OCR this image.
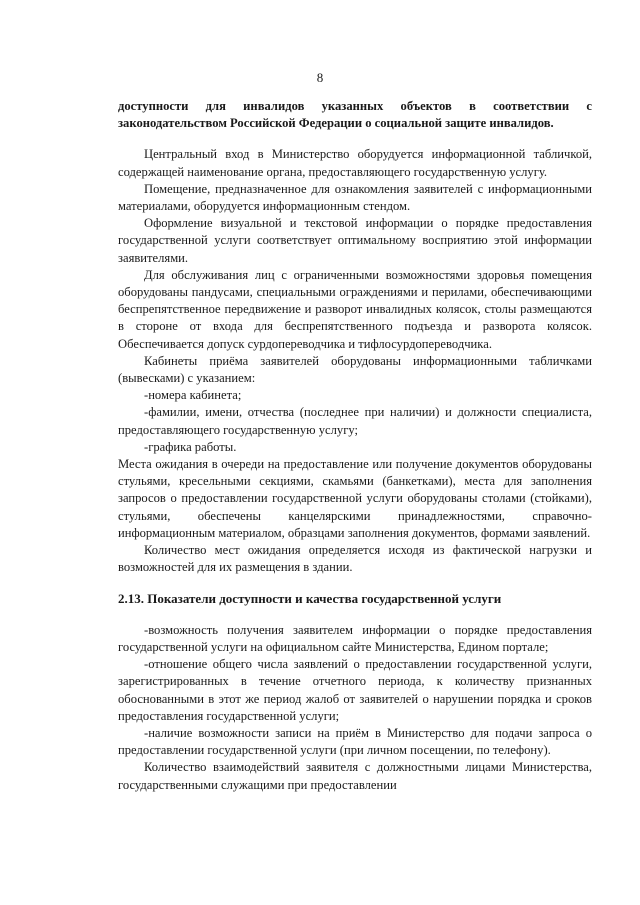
8

доступности для инвалидов указанных объектов в соответствии с законодательством Российской Федерации о социальной защите инвалидов.

Центральный вход в Министерство оборудуется информационной табличкой, содержащей наименование органа, предоставляющего государственную услугу.

Помещение, предназначенное для ознакомления заявителей с информационными материалами, оборудуется информационным стендом.

Оформление визуальной и текстовой информации о порядке предоставления государственной услуги соответствует оптимальному восприятию этой информации заявителями.

Для обслуживания лиц с ограниченными возможностями здоровья помещения оборудованы пандусами, специальными ограждениями и перилами, обеспечивающими беспрепятственное передвижение и разворот инвалидных колясок, столы размещаются в стороне от входа для беспрепятственного подъезда и разворота колясок. Обеспечивается допуск сурдопереводчика и тифлосурдопереводчика.

Кабинеты приёма заявителей оборудованы информационными табличками (вывесками) с указанием:

-номера кабинета;

-фамилии, имени, отчества (последнее при наличии) и должности специалиста, предоставляющего государственную услугу;

-графика работы.

Места ожидания в очереди на предоставление или получение документов оборудованы стульями, кресельными секциями, скамьями (банкетками), места для заполнения запросов о предоставлении государственной услуги оборудованы столами (стойками), стульями, обеспечены канцелярскими принадлежностями, справочно-информационным материалом, образцами заполнения документов, формами заявлений.

Количество мест ожидания определяется исходя из фактической нагрузки и возможностей для их размещения в здании.

2.13. Показатели доступности и качества государственной услуги

-возможность получения заявителем информации о порядке предоставления государственной услуги на официальном сайте Министерства, Едином портале;

-отношение общего числа заявлений о предоставлении государственной услуги, зарегистрированных в течение отчетного периода, к количеству признанных обоснованными в этот же период жалоб от заявителей о нарушении порядка и сроков предоставления государственной услуги;

-наличие возможности записи на приём в Министерство для подачи запроса о предоставлении государственной услуги (при личном посещении, по телефону).

Количество взаимодействий заявителя с должностными лицами Министерства, государственными служащими при предоставлении
